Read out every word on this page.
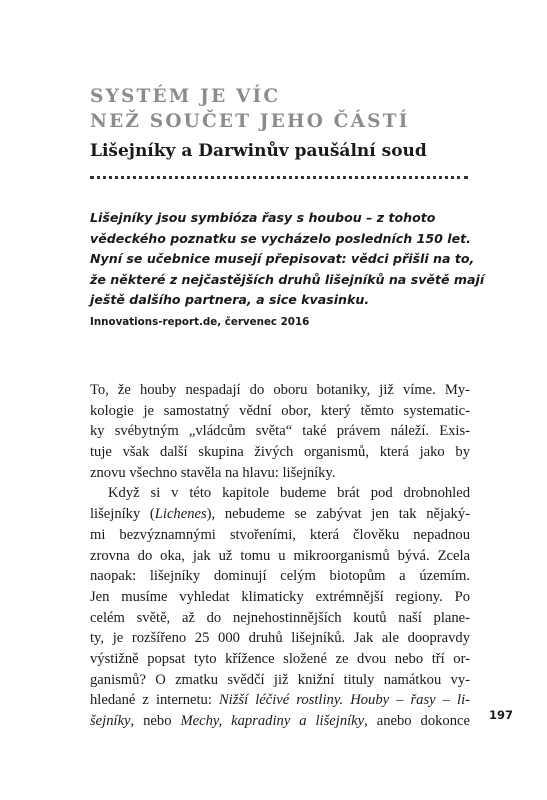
SYSTÉM JE VÍC
NEŽ SOUČET JEHO ČÁSTÍ
Lišejníky a Darwinův paušální soud
Lišejníky jsou symbióza řasy s houbou – z tohoto
vědeckého poznatku se vycházelo posledních 150 let.
Nyní se učebnice musejí přepisovat: vědci přišli na to,
že některé z nejčastějších druhů lišejníků na světě mají
ještě dalšího partnera, a sice kvasinku.
Innovations-report.de, červenec 2016
To, že houby nespadají do oboru botaniky, již víme. My-
kologie je samostatný vědní obor, který těmto systematic-
ky svébytným „vládcům světa“ také právem náleží. Exis-
tuje však další skupina živých organismů, která jako by
znovu všechno stavěla na hlavu: lišejníky.
Když si v této kapitole budeme brát pod drobnohled
lišejníky (Lichenes), nebudeme se zabývat jen tak nějaký-
mi bezvýznamnými stvořeními, která člověku nepadnou
zrovna do oka, jak už tomu u mikroorganismů bývá. Zcela
naopak: lišejníky dominují celým biotopům a územím.
Jen musíme vyhledat klimaticky extrémnější regiony. Po
celém světě, až do nejnehostinnějších koutů naší plane-
ty, je rozšířeno 25 000 druhů lišejníků. Jak ale doopravdy
výstižně popsat tyto křížence složené ze dvou nebo tří or-
ganismů? O zmatku svědčí již knižní tituly namátkou vy-
hledané z internetu: Nižší léčivé rostliny. Houby – řasy – li-
šejníky, nebo Mechy, kapradiny a lišejníky, anebo dokonce 197
